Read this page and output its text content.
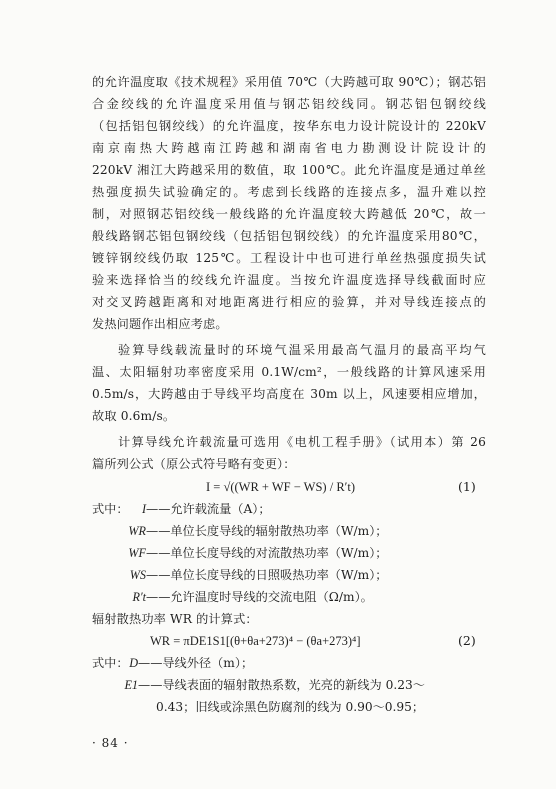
的允许温度取《技术规程》采用值 70℃（大跨越可取 90℃）；钢芯铝
合金绞线的允许温度采用值与钢芯铝绞线同。钢芯铝包钢绞线
（包括铝包钢绞线）的允许温度，按华东电力设计院设计的 220kV
南京南热大跨越南江跨越和湖南省电力勘测设计院设计的
220kV 湘江大跨越采用的数值，取 100℃。此允许温度是通过单丝
热强度损失试验确定的。考虑到长线路的连接点多，温升难以控
制，对照钢芯铝绞线一般线路的允许温度较大跨越低 20℃，故一
般线路钢芯铝包钢绞线（包括铝包钢绞线）的允许温度采用80℃，
镀锌钢绞线仍取 125℃。工程设计中也可进行单丝热强度损失试
验来选择恰当的绞线允许温度。当按允许温度选择导线截面时应
对交叉跨越距离和对地距离进行相应的验算，并对导线连接点的
发热问题作出相应考虑。
验算导线载流量时的环境气温采用最高气温月的最高平均气
温、太阳辐射功率密度采用 0.1W/cm²，一般线路的计算风速采用
0.5m/s，大跨越由于导线平均高度在 30m 以上，风速要相应增加，
故取 0.6m/s。
计算导线允许载流量可选用《电机工程手册》（试用本）第 26
篇所列公式（原公式符号略有变更）：
I = √((WR + WF − WS) / R′t)	(1)
式中：	I——允许载流量（A）；
WR——单位长度导线的辐射散热功率（W/m）；
WF——单位长度导线的对流散热功率（W/m）；
WS——单位长度导线的日照吸热功率（W/m）；
R′t——允许温度时导线的交流电阻（Ω/m）。
辐射散热功率 WR 的计算式：
WR = πDE1S1[(θ+θa+273)⁴ − (θa+273)⁴]	(2)
式中： D——导线外径（m）；
E1——导线表面的辐射散热系数，光亮的新线为 0.23～
0.43；旧线或涂黑色防腐剂的线为 0.90～0.95；
· 84 ·
